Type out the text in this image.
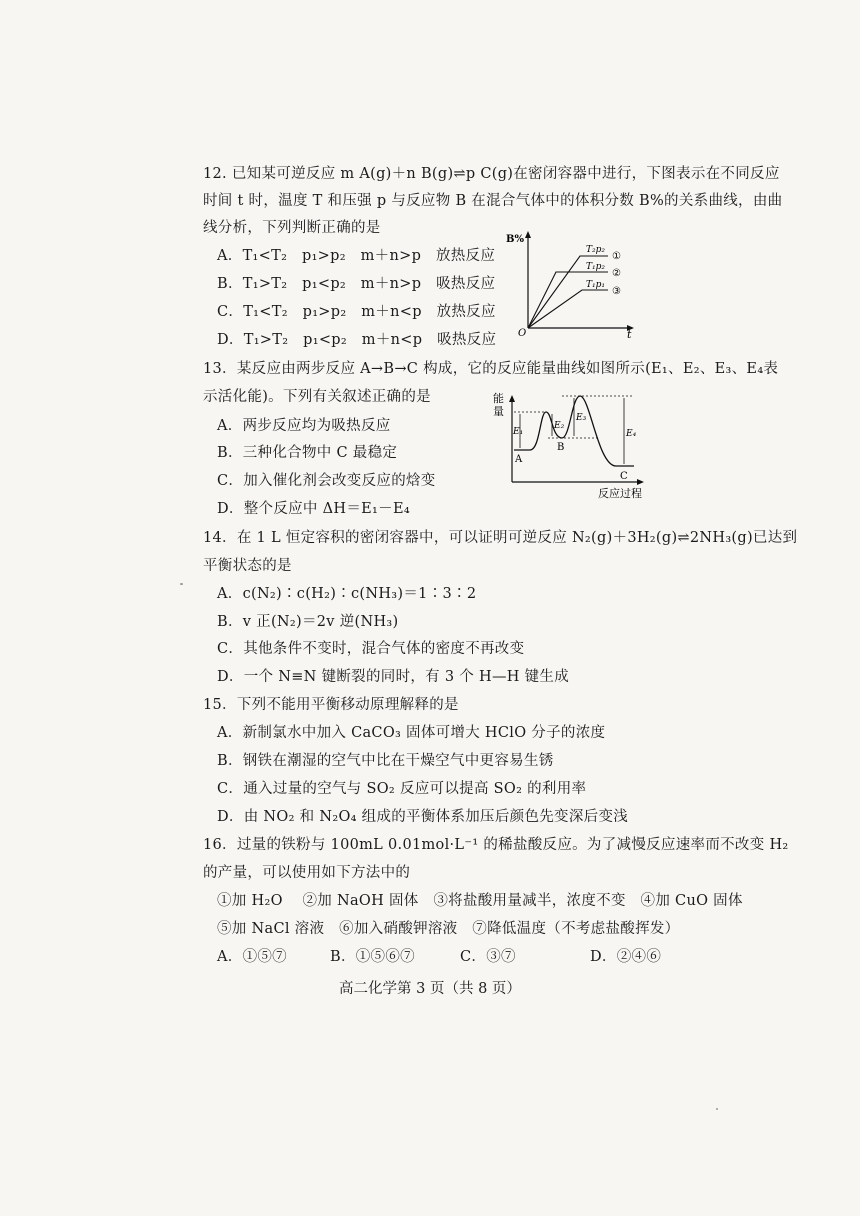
12. 已知某可逆反应 m A(g)＋n B(g)⇌p C(g)在密闭容器中进行，下图表示在不同反应
时间 t 时，温度 T 和压强 p 与反应物 B 在混合气体中的体积分数 B%的关系曲线，由曲
线分析，下列判断正确的是
A．T₁<T₂　p₁>p₂　m＋n>p　放热反应
B．T₁>T₂　p₁<p₂　m＋n>p　吸热反应
C．T₁<T₂　p₁>p₂　m＋n<p　放热反应
D．T₁>T₂　p₁<p₂　m＋n<p　吸热反应
B%
t
O
T₂p₂
①
T₁p₂
②
T₁p₁
③
13．某反应由两步反应 A→B→C 构成，它的反应能量曲线如图所示(E₁、E₂、E₃、E₄表
示活化能)。下列有关叙述正确的是
A．两步反应均为吸热反应
B．三种化合物中 C 最稳定
C．加入催化剂会改变反应的焓变
D．整个反应中 ΔH＝E₁－E₄
能
量
反应过程
E₁
E₂
E₃
E₄
A
B
C
14．在 1 L 恒定容积的密闭容器中，可以证明可逆反应 N₂(g)＋3H₂(g)⇌2NH₃(g)已达到
平衡状态的是
A．c(N₂)∶c(H₂)∶c(NH₃)＝1∶3∶2
B．v 正(N₂)＝2v 逆(NH₃)
C．其他条件不变时，混合气体的密度不再改变
D．一个 N≡N 键断裂的同时，有 3 个 H—H 键生成
15．下列不能用平衡移动原理解释的是
A．新制氯水中加入 CaCO₃ 固体可增大 HClO 分子的浓度
B．钢铁在潮湿的空气中比在干燥空气中更容易生锈
C．通入过量的空气与 SO₂ 反应可以提高 SO₂ 的利用率
D．由 NO₂ 和 N₂O₄ 组成的平衡体系加压后颜色先变深后变浅
16．过量的铁粉与 100mL 0.01mol·L⁻¹ 的稀盐酸反应。为了减慢反应速率而不改变 H₂
的产量，可以使用如下方法中的
①加 H₂O　 ②加 NaOH 固体　③将盐酸用量减半，浓度不变　④加 CuO 固体
⑤加 NaCl 溶液　⑥加入硝酸钾溶液　⑦降低温度（不考虑盐酸挥发）
A．①⑤⑦	B．①⑤⑥⑦	C．③⑦	D．②④⑥
高二化学第 3 页（共 8 页）
